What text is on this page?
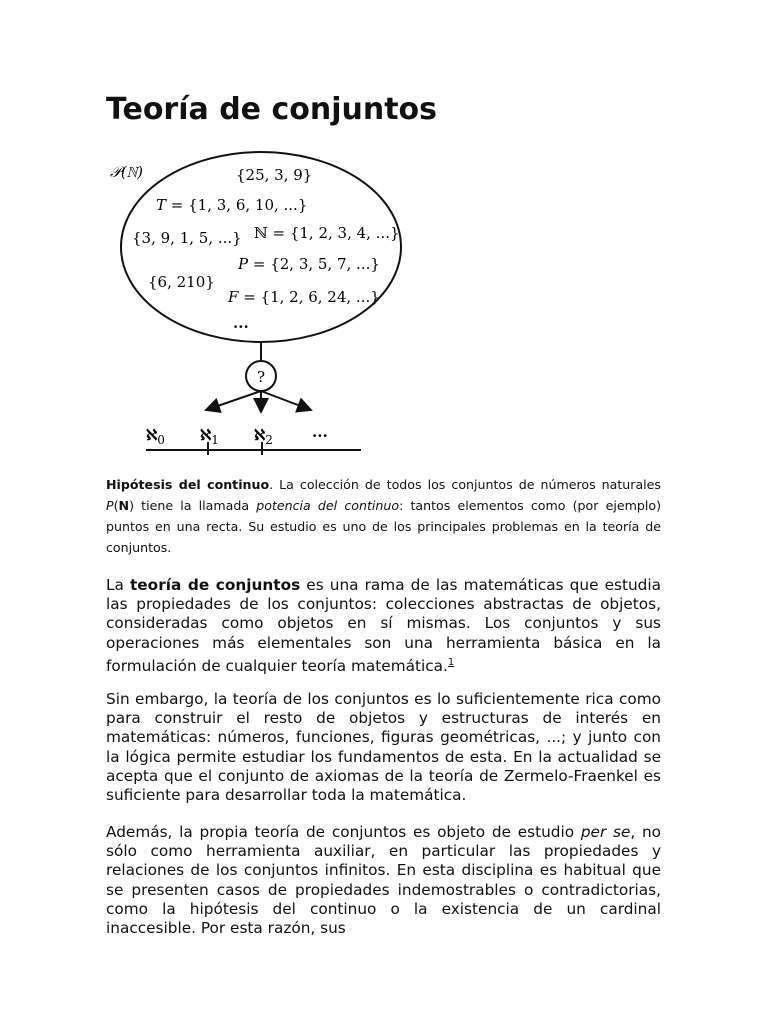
Teoría de conjuntos
𝒫(ℕ)	{25, 3, 9}
T = {1, 3, 6, 10, ...}
{3, 9, 1, 5, ...} ℕ = {1, 2, 3, 4, ...}
P = {2, 3, 5, 7, ...}
{6, 210}
F = {1, 2, 6, 24, ...}
...
?
ℵ$_0$ ℵ$_1$ ℵ$_2$	...

Hipótesis del continuo. La colección de todos los conjuntos de números naturales P(N) tiene la llamada potencia del continuo: tantos elementos como (por ejemplo) puntos en una recta. Su estudio es uno de los principales problemas en la teoría de conjuntos.

La teoría de conjuntos es una rama de las matemáticas que estudia las propiedades de los conjuntos: colecciones abstractas de objetos, consideradas como objetos en sí mismas. Los conjuntos y sus operaciones más elementales son una herramienta básica en la formulación de cualquier teoría matemática.$^1$

Sin embargo, la teoría de los conjuntos es lo suficientemente rica como para construir el resto de objetos y estructuras de interés en matemáticas: números, funciones, figuras geométricas, ...; y junto con la lógica permite estudiar los fundamentos de esta. En la actualidad se acepta que el conjunto de axiomas de la teoría de Zermelo-Fraenkel es suficiente para desarrollar toda la matemática.

Además, la propia teoría de conjuntos es objeto de estudio per se, no sólo como herramienta auxiliar, en particular las propiedades y relaciones de los conjuntos infinitos. En esta disciplina es habitual que se presenten casos de propiedades indemostrables o contradictorias, como la hipótesis del continuo o la existencia de un cardinal inaccesible. Por esta razón, sus
